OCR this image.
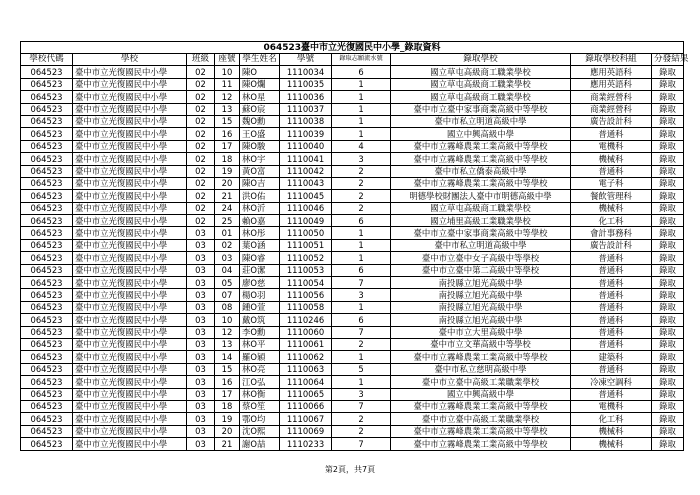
064523臺中市立光復國民中小學_錄取資料									
學校代碼	學校	班級	座號	學生姓名	學號	錄取志願流水號	錄取學校	錄取學校科組	分發結果
064523	臺中市立光復國民中小學	02	10	陳O	1110034	6	國立草屯高級商工職業學校	應用英語科	錄取
064523	臺中市立光復國民中小學	02	11	陳O爛	1110035	1	國立草屯高級商工職業學校	應用英語科	錄取
064523	臺中市立光復國民中小學	02	12	林O星	1110036	1	國立草屯高級商工職業學校	商業經營科	錄取
064523	臺中市立光復國民中小學	02	13	蘇O宸	1110037	1	臺中市立臺中家事商業高級中等學校	商業經營科	錄取
064523	臺中市立光復國民中小學	02	15	魏O勳	1110038	1	臺中市私立明道高級中學	廣告設計科	錄取
064523	臺中市立光復國民中小學	02	16	王O盛	1110039	1	國立中興高級中學	普通科	錄取
064523	臺中市立光復國民中小學	02	17	陳O駿	1110040	4	臺中市立霧峰農業工業高級中等學校	電機科	錄取
064523	臺中市立光復國民中小學	02	18	林O宇	1110041	3	臺中市立霧峰農業工業高級中等學校	機械科	錄取
064523	臺中市立光復國民中小學	02	19	黃O富	1110042	2	臺中市私立僑泰高級中學	普通科	錄取
064523	臺中市立光復國民中小學	02	20	陳O吉	1110043	2	臺中市立霧峰農業工業高級中等學校	電子科	錄取
064523	臺中市立光復國民中小學	02	21	洪O佑	1110045	2	明德學校財團法人臺中市明德高級中學	餐飲管理科	錄取
064523	臺中市立光復國民中小學	02	24	林O沂	1110046	2	國立草屯高級商工職業學校	機械科	錄取
064523	臺中市立光復國民中小學	02	25	賴O嘉	1110049	6	國立埔里高級工業職業學校	化工科	錄取
064523	臺中市立光復國民中小學	03	01	林O彤	1110050	1	臺中市立臺中家事商業高級中等學校	會計事務科	錄取
064523	臺中市立光復國民中小學	03	02	葉O涵	1110051	1	臺中市私立明道高級中學	廣告設計科	錄取
064523	臺中市立光復國民中小學	03	03	陳O睿	1110052	1	臺中市立臺中女子高級中等學校	普通科	錄取
064523	臺中市立光復國民中小學	03	04	莊O潔	1110053	6	臺中市立臺中第二高級中等學校	普通科	錄取
064523	臺中市立光復國民中小學	03	05	廖O慈	1110054	7	南投縣立旭光高級中學	普通科	錄取
064523	臺中市立光復國民中小學	03	07	楊O羽	1110056	3	南投縣立旭光高級中學	普通科	錄取
064523	臺中市立光復國民中小學	03	08	鍾O萱	1110058	1	南投縣立旭光高級中學	普通科	錄取
064523	臺中市立光復國民中小學	03	10	戴O筑	1110246	6	南投縣立旭光高級中學	普通科	錄取
064523	臺中市立光復國民中小學	03	12	李O勳	1110060	7	臺中市立大里高級中學	普通科	錄取
064523	臺中市立光復國民中小學	03	13	林O平	1110061	2	臺中市立文華高級中等學校	普通科	錄取
064523	臺中市立光復國民中小學	03	14	羅O穎	1110062	1	臺中市立霧峰農業工業高級中等學校	建築科	錄取
064523	臺中市立光復國民中小學	03	15	林O亮	1110063	5	臺中市私立慈明高級中學	普通科	錄取
064523	臺中市立光復國民中小學	03	16	江O弘	1110064	1	臺中市立臺中高級工業職業學校	冷凍空調科	錄取
064523	臺中市立光復國民中小學	03	17	林O衡	1110065	3	國立中興高級中學	普通科	錄取
064523	臺中市立光復國民中小學	03	18	蔡O笙	1110066	7	臺中市立霧峰農業工業高級中等學校	電機科	錄取
064523	臺中市立光復國民中小學	03	19	鄂O均	1110067	2	臺中市立臺中高級工業職業學校	化工科	錄取
064523	臺中市立光復國民中小學	03	20	沈O熙	1110069	2	臺中市立霧峰農業工業高級中等學校	機械科	錄取
064523	臺中市立光復國民中小學	03	21	謝O喆	1110233	7	臺中市立霧峰農業工業高級中等學校	機械科	錄取
第2頁，共7頁
